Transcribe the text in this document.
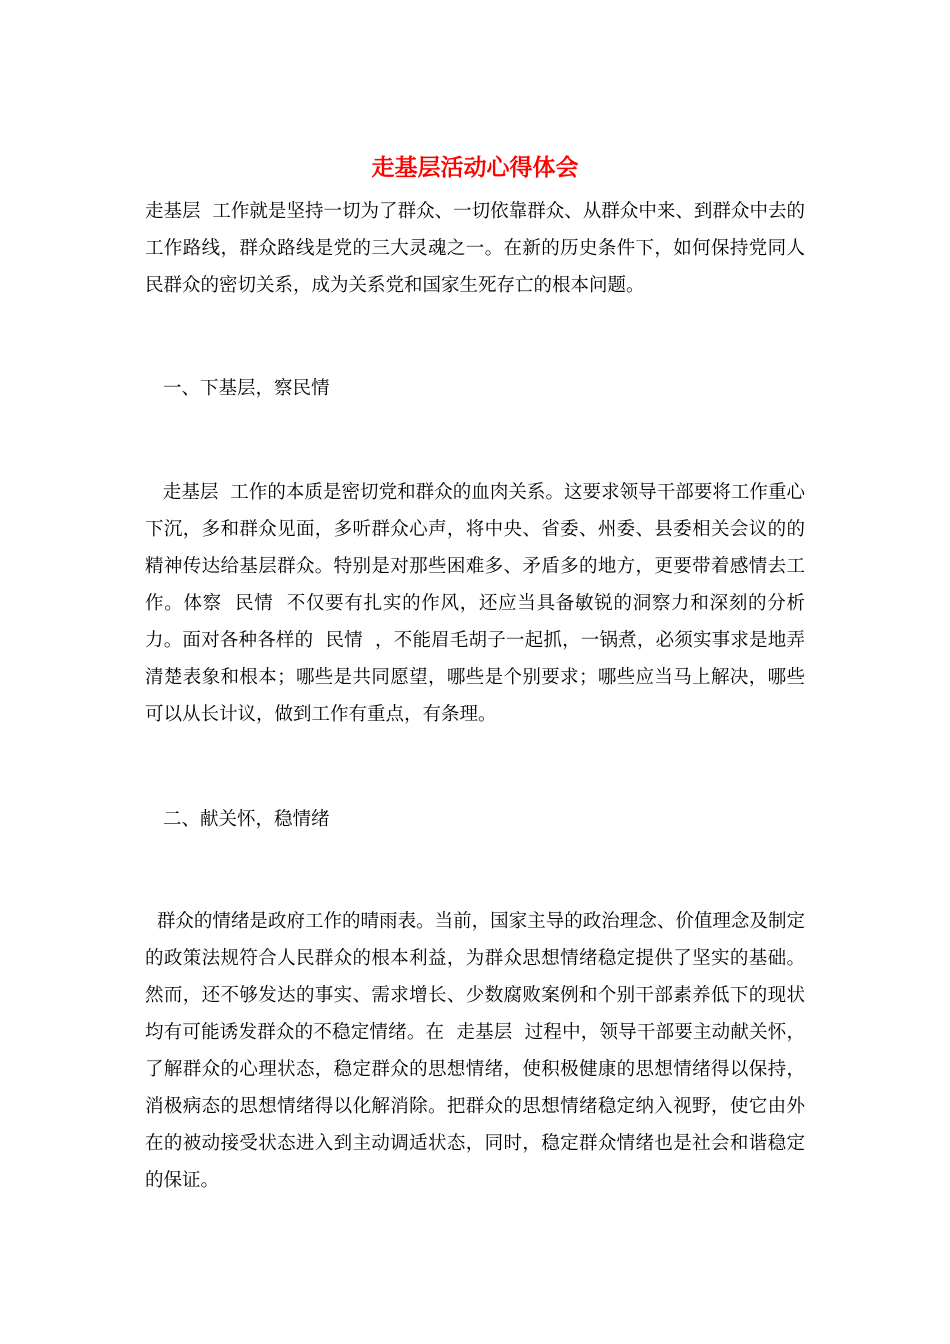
走基层活动心得体会

走基层  工作就是坚持一切为了群众、一切依靠群众、从群众中来、到群众中去的工作路线，群众路线是党的三大灵魂之一。在新的历史条件下，如何保持党同人民群众的密切关系，成为关系党和国家生死存亡的根本问题。

一、下基层，察民情

走基层  工作的本质是密切党和群众的血肉关系。这要求领导干部要将工作重心下沉，多和群众见面，多听群众心声，将中央、省委、州委、县委相关会议的的精神传达给基层群众。特别是对那些困难多、矛盾多的地方，更要带着感情去工作。体察  民情  不仅要有扎实的作风，还应当具备敏锐的洞察力和深刻的分析力。面对各种各样的  民情  ，不能眉毛胡子一起抓，一锅煮，必须实事求是地弄清楚表象和根本；哪些是共同愿望，哪些是个别要求；哪些应当马上解决，哪些可以从长计议，做到工作有重点，有条理。

二、献关怀，稳情绪

群众的情绪是政府工作的晴雨表。当前，国家主导的政治理念、价值理念及制定的政策法规符合人民群众的根本利益，为群众思想情绪稳定提供了坚实的基础。然而，还不够发达的事实、需求增长、少数腐败案例和个别干部素养低下的现状均有可能诱发群众的不稳定情绪。在  走基层  过程中，领导干部要主动献关怀，了解群众的心理状态，稳定群众的思想情绪，使积极健康的思想情绪得以保持，消极病态的思想情绪得以化解消除。把群众的思想情绪稳定纳入视野，使它由外在的被动接受状态进入到主动调适状态，同时，稳定群众情绪也是社会和谐稳定的保证。
